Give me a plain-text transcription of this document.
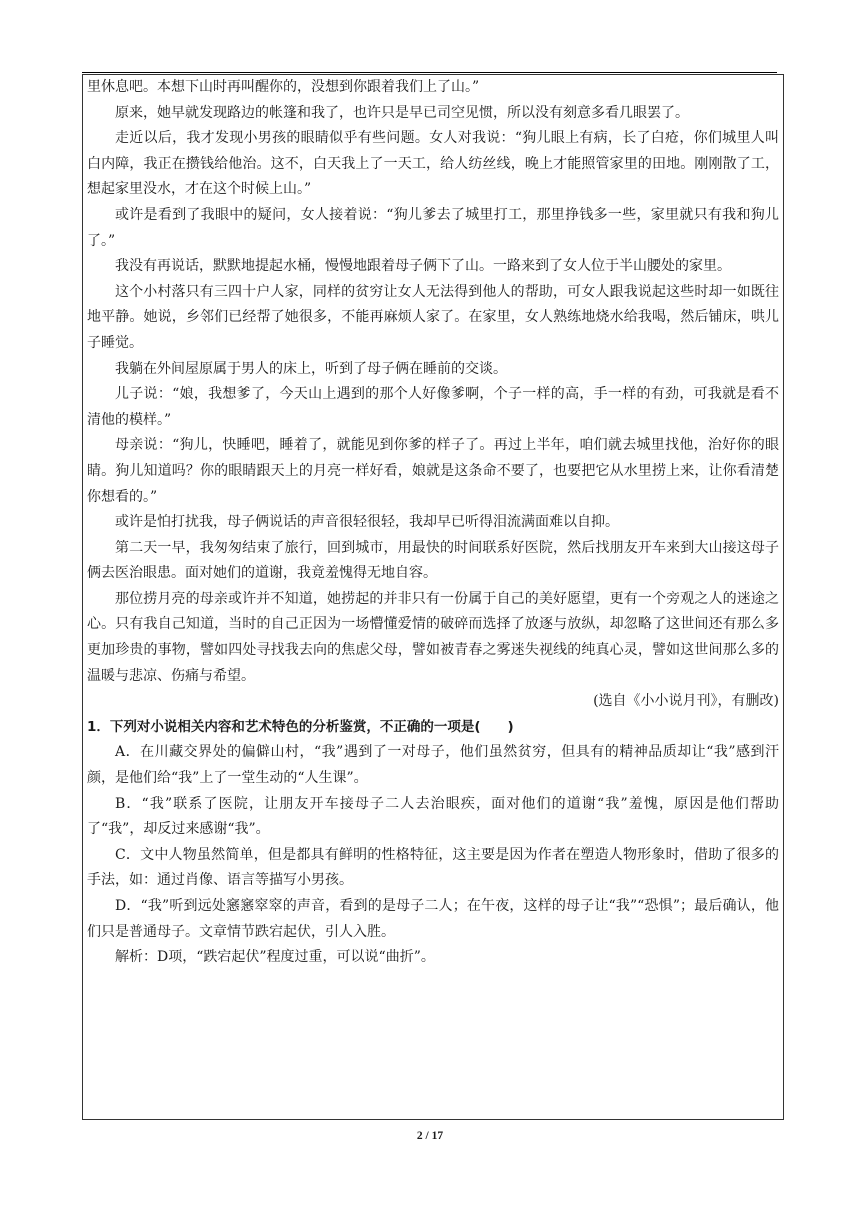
里休息吧。本想下山时再叫醒你的，没想到你跟着我们上了山。”

原来，她早就发现路边的帐篷和我了，也许只是早已司空见惯，所以没有刻意多看几眼罢了。

走近以后，我才发现小男孩的眼睛似乎有些问题。女人对我说：“狗儿眼上有病，长了白疮，你们城里人叫白内障，我正在攒钱给他治。这不，白天我上了一天工，给人纺丝线，晚上才能照管家里的田地。刚刚散了工，想起家里没水，才在这个时候上山。”

或许是看到了我眼中的疑问，女人接着说：“狗儿爹去了城里打工，那里挣钱多一些，家里就只有我和狗儿了。”

我没有再说话，默默地提起水桶，慢慢地跟着母子俩下了山。一路来到了女人位于半山腰处的家里。

这个小村落只有三四十户人家，同样的贫穷让女人无法得到他人的帮助，可女人跟我说起这些时却一如既往地平静。她说，乡邻们已经帮了她很多，不能再麻烦人家了。在家里，女人熟练地烧水给我喝，然后铺床，哄儿子睡觉。

我躺在外间屋原属于男人的床上，听到了母子俩在睡前的交谈。

儿子说：“娘，我想爹了，今天山上遇到的那个人好像爹啊，个子一样的高，手一样的有劲，可我就是看不清他的模样。”

母亲说：“狗儿，快睡吧，睡着了，就能见到你爹的样子了。再过上半年，咱们就去城里找他，治好你的眼睛。狗儿知道吗？你的眼睛跟天上的月亮一样好看，娘就是这条命不要了，也要把它从水里捞上来，让你看清楚你想看的。”

或许是怕打扰我，母子俩说话的声音很轻很轻，我却早已听得泪流满面难以自抑。

第二天一早，我匆匆结束了旅行，回到城市，用最快的时间联系好医院，然后找朋友开车来到大山接这母子俩去医治眼患。面对她们的道谢，我竟羞愧得无地自容。

那位捞月亮的母亲或许并不知道，她捞起的并非只有一份属于自己的美好愿望，更有一个旁观之人的迷途之心。只有我自己知道，当时的自己正因为一场懵懂爱情的破碎而选择了放逐与放纵，却忽略了这世间还有那么多更加珍贵的事物，譬如四处寻找我去向的焦虑父母，譬如被青春之雾迷失视线的纯真心灵，譬如这世间那么多的温暖与悲凉、伤痛与希望。

(选自《小小说月刊》，有删改)

1．下列对小说相关内容和艺术特色的分析鉴赏，不正确的一项是(　　)

A．在川藏交界处的偏僻山村，“我”遇到了一对母子，他们虽然贫穷，但具有的精神品质却让“我”感到汗颜，是他们给“我”上了一堂生动的“人生课”。

B．“我”联系了医院，让朋友开车接母子二人去治眼疾，面对他们的道谢“我”羞愧，原因是他们帮助了“我”，却反过来感谢“我”。

C．文中人物虽然简单，但是都具有鲜明的性格特征，这主要是因为作者在塑造人物形象时，借助了很多的手法，如：通过肖像、语言等描写小男孩。

D．“我”听到远处窸窸窣窣的声音，看到的是母子二人；在午夜，这样的母子让“我”“恐惧”；最后确认，他们只是普通母子。文章情节跌宕起伏，引人入胜。

解析：D项，“跌宕起伏”程度过重，可以说“曲折”。

2 / 17
